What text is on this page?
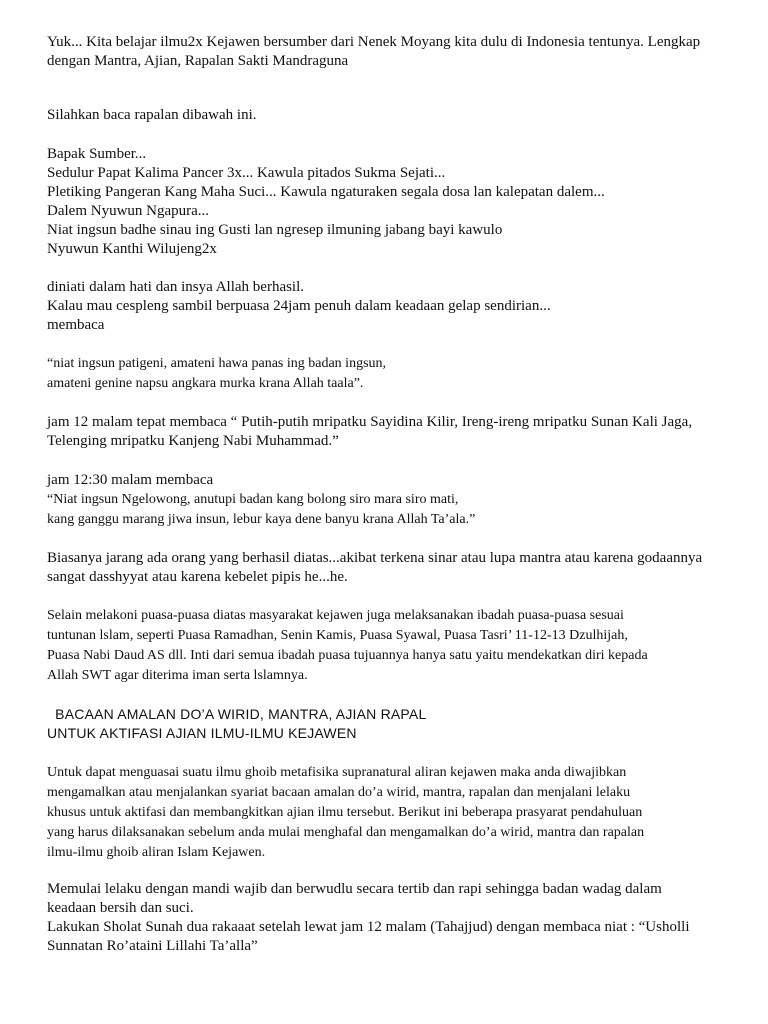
Yuk... Kita belajar ilmu2x Kejawen bersumber dari Nenek Moyang kita dulu di Indonesia tentunya. Lengkap
dengan Mantra, Ajian, Rapalan Sakti Mandraguna
Silahkan baca rapalan dibawah ini.
Bapak Sumber...
Sedulur Papat Kalima Pancer 3x... Kawula pitados Sukma Sejati...
Pletiking Pangeran Kang Maha Suci... Kawula ngaturaken segala dosa lan kalepatan dalem...
Dalem Nyuwun Ngapura...
Niat ingsun badhe sinau ing Gusti lan ngresep ilmuning jabang bayi kawulo
Nyuwun Kanthi Wilujeng2x
diniati dalam hati dan insya Allah berhasil.
Kalau mau cespleng sambil berpuasa 24jam penuh dalam keadaan gelap sendirian...
membaca
“niat ingsun patigeni, amateni hawa panas ing badan ingsun,
amateni genine napsu angkara murka krana Allah taala”.
jam 12 malam tepat membaca “ Putih-putih mripatku Sayidina Kilir, Ireng-ireng mripatku Sunan Kali Jaga,
Telenging mripatku Kanjeng Nabi Muhammad.”
jam 12:30 malam membaca
“Niat ingsun Ngelowong, anutupi badan kang bolong siro mara siro mati,
kang ganggu marang jiwa insun, lebur kaya dene banyu krana Allah Ta’ala.”
Biasanya jarang ada orang yang berhasil diatas...akibat terkena sinar atau lupa mantra atau karena godaannya
sangat dasshyyat atau karena kebelet pipis he...he.
Selain melakoni puasa-puasa diatas masyarakat kejawen juga melaksanakan ibadah puasa-puasa sesuai
tuntunan lslam, seperti Puasa Ramadhan, Senin Kamis, Puasa Syawal, Puasa Tasri’ 11-12-13 Dzulhijah,
Puasa Nabi Daud AS dll. Inti dari semua ibadah puasa tujuannya hanya satu yaitu mendekatkan diri kepada
Allah SWT agar diterima iman serta lslamnya.
BACAAN AMALAN DO’A WIRID, MANTRA, AJIAN RAPAL
UNTUK AKTIFASI AJIAN ILMU-ILMU KEJAWEN
Untuk dapat menguasai suatu ilmu ghoib metafisika supranatural aliran kejawen maka anda diwajibkan
mengamalkan atau menjalankan syariat bacaan amalan do’a wirid, mantra, rapalan dan menjalani lelaku
khusus untuk aktifasi dan membangkitkan ajian ilmu tersebut. Berikut ini beberapa prasyarat pendahuluan
yang harus dilaksanakan sebelum anda mulai menghafal dan mengamalkan do’a wirid, mantra dan rapalan
ilmu-ilmu ghoib aliran Islam Kejawen.
Memulai lelaku dengan mandi wajib dan berwudlu secara tertib dan rapi sehingga badan wadag dalam
keadaan bersih dan suci.
Lakukan Sholat Sunah dua rakaaat setelah lewat jam 12 malam (Tahajjud) dengan membaca niat : “Usholli
Sunnatan Ro’ataini Lillahi Ta’alla”
